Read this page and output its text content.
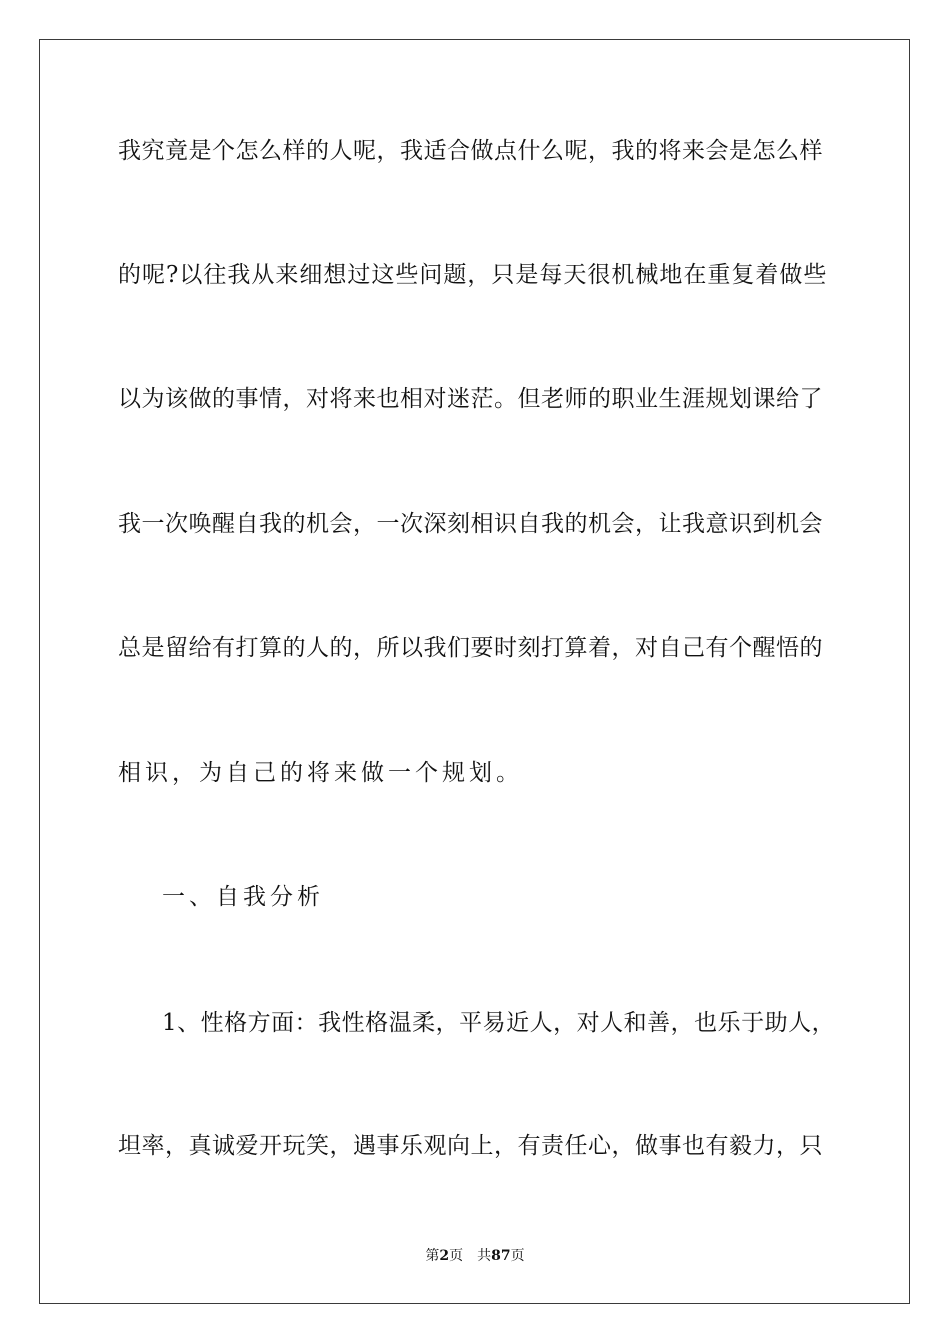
我究竟是个怎么样的人呢，我适合做点什么呢，我的将来会是怎么样
的呢?以往我从来细想过这些问题，只是每天很机械地在重复着做些
以为该做的事情，对将来也相对迷茫。但老师的职业生涯规划课给了
我一次唤醒自我的机会，一次深刻相识自我的机会，让我意识到机会
总是留给有打算的人的，所以我们要时刻打算着，对自己有个醒悟的
相识，为自己的将来做一个规划。
一、自我分析
1、性格方面：我性格温柔，平易近人，对人和善，也乐于助人，
坦率，真诚爱开玩笑，遇事乐观向上，有责任心，做事也有毅力，只
第2页 共87页
